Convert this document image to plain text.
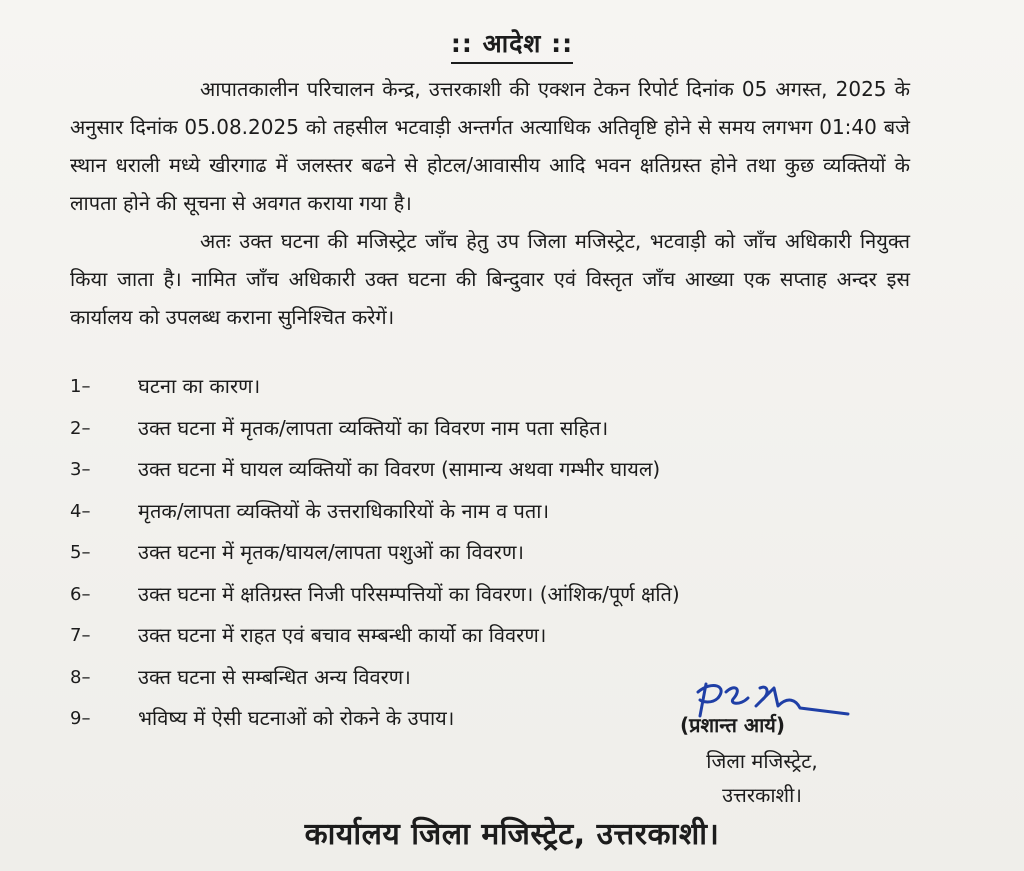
:: आदेश ::

आपातकालीन परिचालन केन्द्र, उत्तरकाशी की एक्शन टेकन रिपोर्ट दिनांक 05 अगस्त, 2025 के अनुसार दिनांक 05.08.2025 को तहसील भटवाड़ी अन्तर्गत अत्याधिक अतिवृष्टि होने से समय लगभग 01:40 बजे स्थान धराली मध्ये खीरगाढ में जलस्तर बढने से होटल/आवासीय आदि भवन क्षतिग्रस्त होने तथा कुछ व्यक्तियों के लापता होने की सूचना से अवगत कराया गया है।

अतः उक्त घटना की मजिस्ट्रेट जाँच हेतु उप जिला मजिस्ट्रेट, भटवाड़ी को जाँच अधिकारी नियुक्त किया जाता है। नामित जाँच अधिकारी उक्त घटना की बिन्दुवार एवं विस्तृत जाँच आख्या एक सप्ताह अन्दर इस कार्यालय को उपलब्ध कराना सुनिश्चित करेगें।

1–	घटना का कारण।
2–	उक्त घटना में मृतक/लापता व्यक्तियों का विवरण नाम पता सहित।
3–	उक्त घटना में घायल व्यक्तियों का विवरण (सामान्य अथवा गम्भीर घायल)
4–	मृतक/लापता व्यक्तियों के उत्तराधिकारियों के नाम व पता।
5–	उक्त घटना में मृतक/घायल/लापता पशुओं का विवरण।
6–	उक्त घटना में क्षतिग्रस्त निजी परिसम्पत्तियों का विवरण। (आंशिक/पूर्ण क्षति)
7–	उक्त घटना में राहत एवं बचाव सम्बन्धी कार्यो का विवरण।
8–	उक्त घटना से सम्बन्धित अन्य विवरण।
9–	भविष्य में ऐसी घटनाओं को रोकने के उपाय।	(प्रशान्त आर्य)
जिला मजिस्ट्रेट,
उत्तरकाशी।
कार्यालय जिला मजिस्ट्रेट, उत्तरकाशी।
